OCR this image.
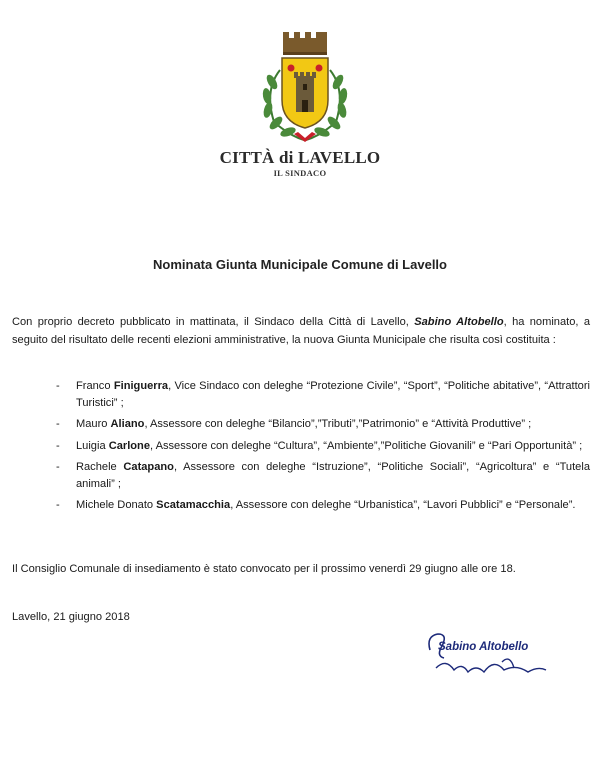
CITTÀ di LAVELLO
IL SINDACO
Nominata Giunta Municipale Comune di Lavello
Con proprio decreto pubblicato in mattinata, il Sindaco della Città di Lavello, Sabino Altobello, ha nominato, a seguito del risultato delle recenti elezioni amministrative, la nuova Giunta Municipale che risulta così costituita :
- Franco Finiguerra, Vice Sindaco con deleghe “Protezione Civile”, “Sport”, “Politiche abitative”, “Attrattori Turistici” ;
- Mauro Aliano, Assessore con deleghe “Bilancio”,”Tributi”,”Patrimonio” e “Attività Produttive” ;
- Luigia Carlone, Assessore con deleghe “Cultura”, “Ambiente”,”Politiche Giovanili” e “Pari Opportunità” ;
- Rachele Catapano, Assessore con deleghe “Istruzione”, “Politiche Sociali”, “Agricoltura” e “Tutela animali” ;
- Michele Donato Scatamacchia, Assessore con deleghe “Urbanistica”, “Lavori Pubblici” e “Personale”.
Il Consiglio Comunale di insediamento è stato convocato per il prossimo venerdì 29 giugno alle ore 18.
Lavello, 21 giugno 2018
Sabino Altobello
